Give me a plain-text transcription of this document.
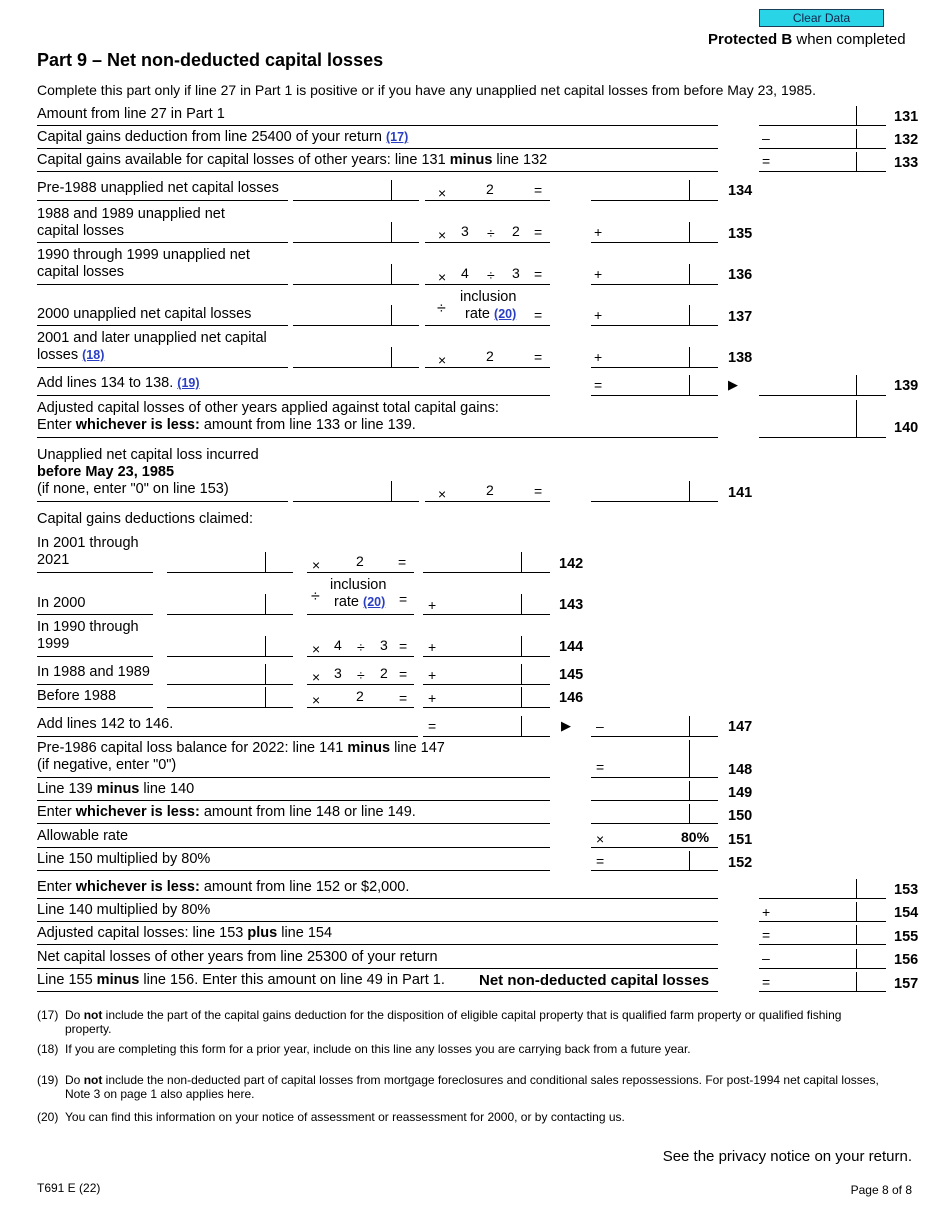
Clear Data
Protected B when completed
Part 9 – Net non-deducted capital losses
Complete this part only if line 27 in Part 1 is positive or if you have any unapplied net capital losses from before May 23, 1985.
Amount from line 27 in Part 1	131
Capital gains deduction from line 25400 of your return (17)	–	132
Capital gains available for capital losses of other years: line 131 minus line 132	=	133
Pre-1988 unapplied net capital losses	×	2	=	134
1988 and 1989 unapplied net
capital losses	× 3 ÷ 2 =	+	135
1990 through 1999 unapplied net
capital losses	× 4 ÷ 3 =	+	136
2000 unapplied net capital losses	÷
inclusion
rate (20) =	+	137
2001 and later unapplied net capital
losses (18)	×	2	=	+	138
Add lines 134 to 138. (19)	=	▶	139
Adjusted capital losses of other years applied against total capital gains:
Enter whichever is less: amount from line 133 or line 139.	140
Unapplied net capital loss incurred
before May 23, 1985
(if none, enter "0" on line 153)	×	2	=	141
Capital gains deductions claimed:
In 2001 through
2021	×	2 =	142
In 2000	÷
inclusion
rate (20) = +	143
In 1990 through
1999	× 4 ÷ 3 = +	144
In 1988 and 1989	× 3 ÷ 2 = +	145
Before 1988	×	2	= +	146
Add lines 142 to 146.	=	▶ –	147
Pre-1986 capital loss balance for 2022: line 141 minus line 147
(if negative, enter "0")	=	148
Line 139 minus line 140	149
Enter whichever is less: amount from line 148 or line 149.	150
Allowable rate	×	80% 151
Line 150 multiplied by 80%	=	152
Enter whichever is less: amount from line 152 or $2,000.	153
Line 140 multiplied by 80%	+	154
Adjusted capital losses: line 153 plus line 154	=	155
Net capital losses of other years from line 25300 of your return	–	156
Line 155 minus line 156. Enter this amount on line 49 in Part 1. Net non-deducted capital losses	=	157
(17) Do not include the part of the capital gains deduction for the disposition of eligible capital property that is qualified farm property or qualified fishing property.
(18) If you are completing this form for a prior year, include on this line any losses you are carrying back from a future year.
(19) Do not include the non-deducted part of capital losses from mortgage foreclosures and conditional sales repossessions. For post-1994 net capital losses, Note 3 on page 1 also applies here.
(20) You can find this information on your notice of assessment or reassessment for 2000, or by contacting us.
See the privacy notice on your return.
T691 E (22)	Page 8 of 8
